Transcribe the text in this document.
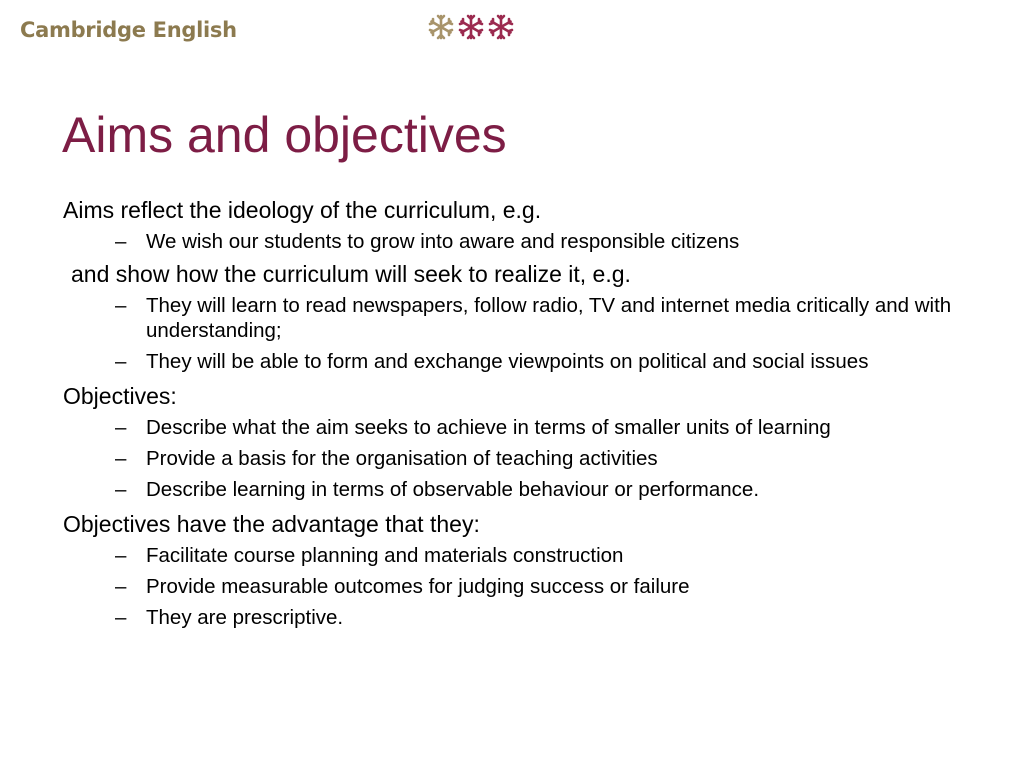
Cambridge English
Aims and objectives

Aims reflect the ideology of the curriculum, e.g.

– We wish our students to grow into aware and responsible citizens

and show how the curriculum will seek to realize it, e.g.

– They will learn to read newspapers, follow radio, TV and internet media critically and with understanding;

– They will be able to form and exchange viewpoints on political and social issues

Objectives:

– Describe what the aim seeks to achieve in terms of smaller units of learning

– Provide a basis for the organisation of teaching activities

– Describe learning in terms of observable behaviour or performance.

Objectives have the advantage that they:

– Facilitate course planning and materials construction

– Provide measurable outcomes for judging success or failure

– They are prescriptive.
